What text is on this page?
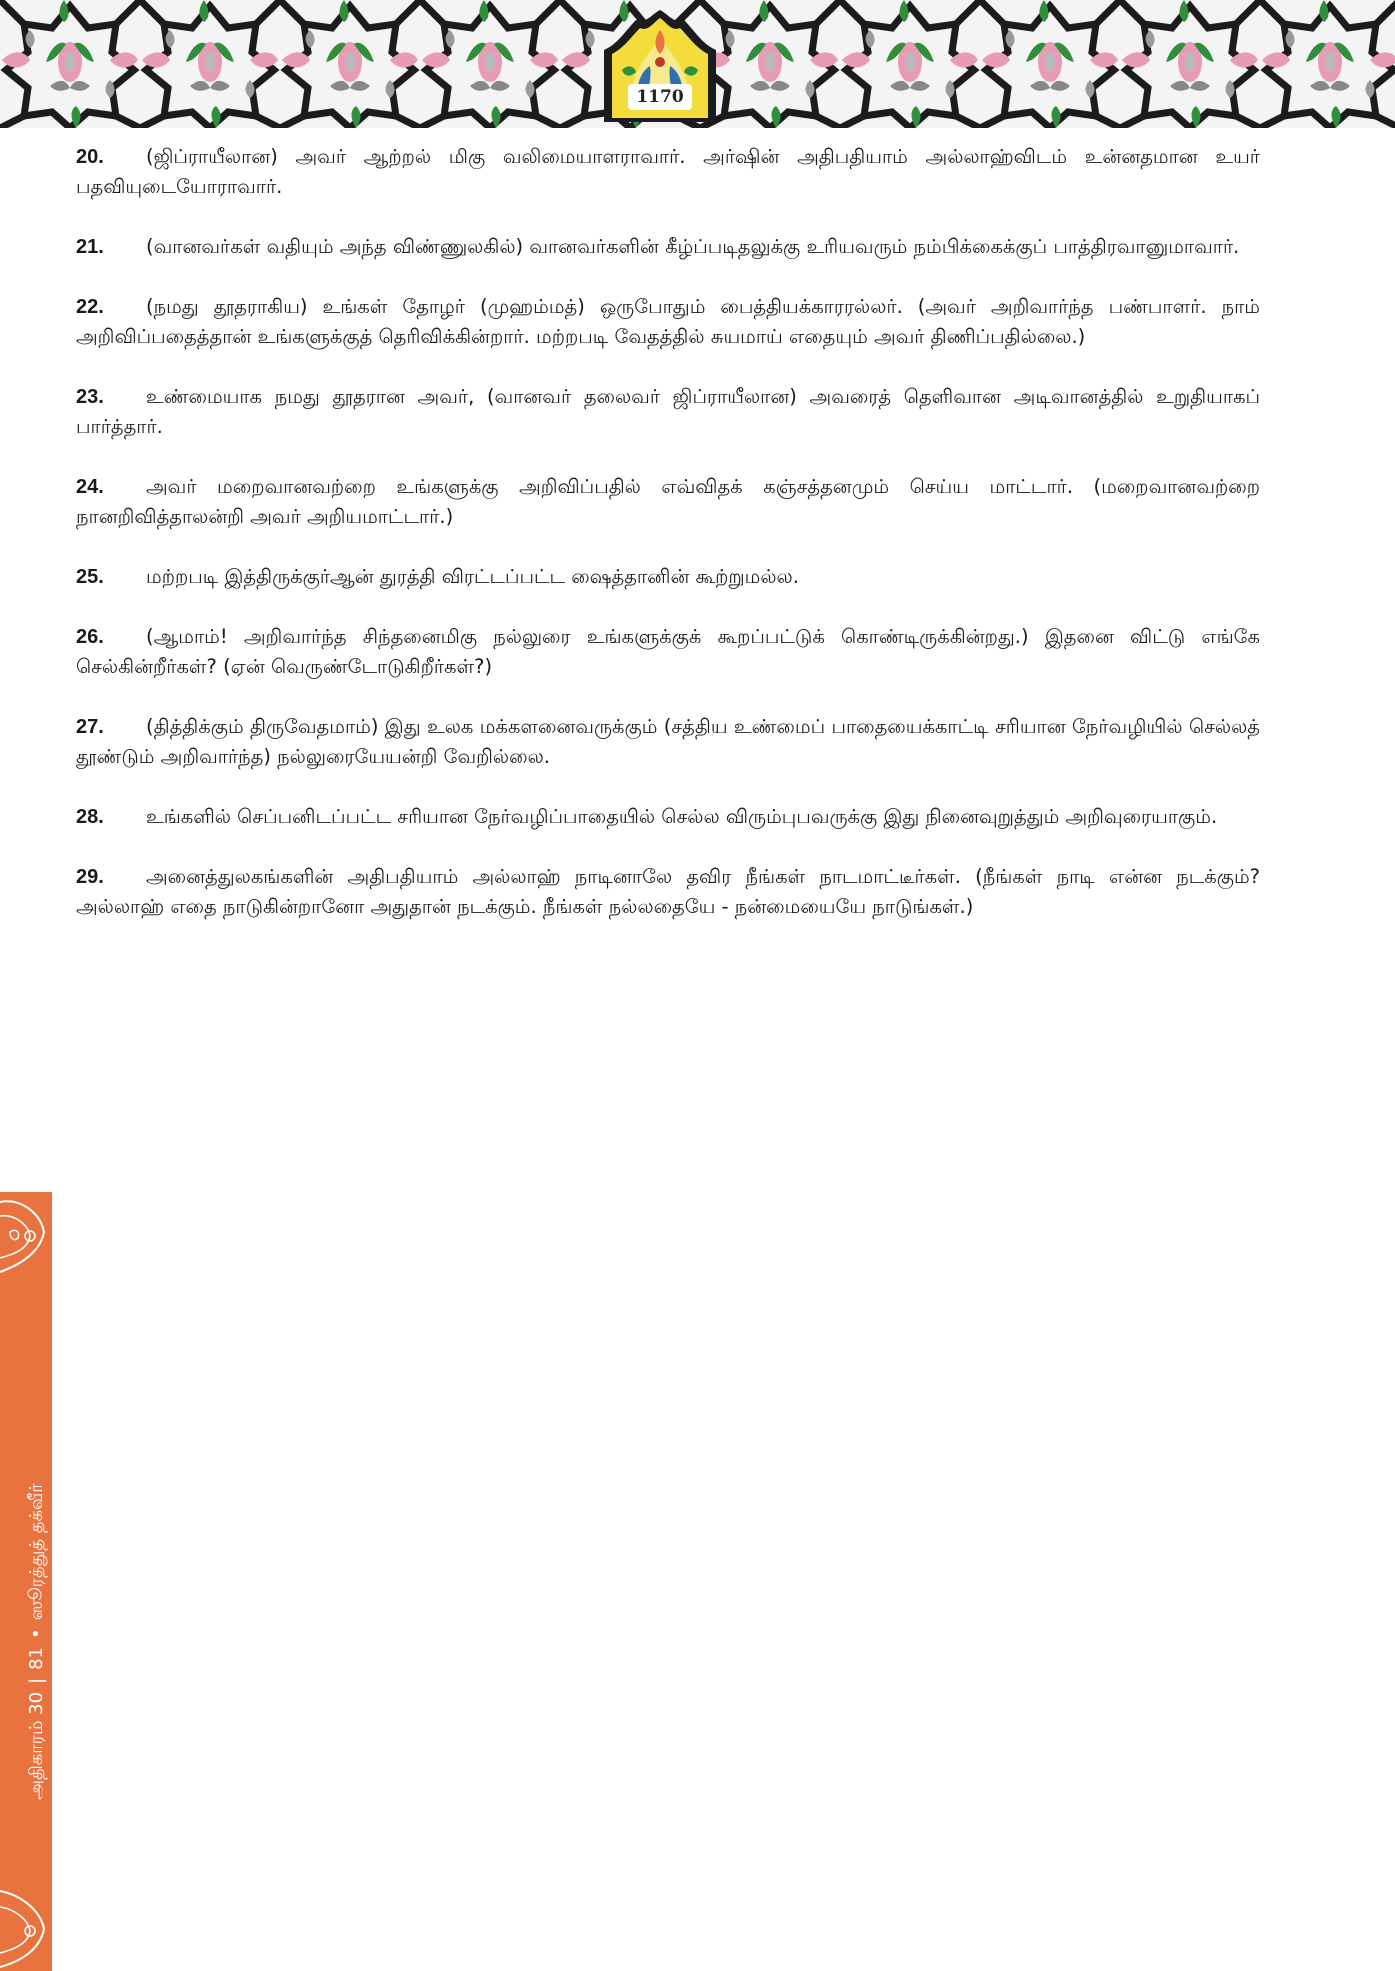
1170

20. (ஜிப்ராயீலான) அவர் ஆற்றல் மிகு வலிமையாளராவார். அர்ஷின் அதிபதியாம் அல்லாஹ்விடம் உன்னதமான உயர் பதவியுடையோராவார்.

21. (வானவர்கள் வதியும் அந்த விண்ணுலகில்) வானவர்களின் கீழ்ப்படிதலுக்கு உரியவரும் நம்பிக்கைக்குப் பாத்திரவானுமாவார்.

22. (நமது தூதராகிய) உங்கள் தோழர் (முஹம்மத்) ஒருபோதும் பைத்தியக்காரரல்லர். (அவர் அறிவார்ந்த பண்பாளர். நாம் அறிவிப்பதைத்தான் உங்களுக்குத் தெரிவிக்கின்றார். மற்றபடி வேதத்தில் சுயமாய் எதையும் அவர் திணிப்பதில்லை.)

23. உண்மையாக நமது தூதரான அவர், (வானவர் தலைவர் ஜிப்ராயீலான) அவரைத் தெளிவான அடிவானத்தில் உறுதியாகப் பார்த்தார்.

24. அவர் மறைவானவற்றை உங்களுக்கு அறிவிப்பதில் எவ்விதக் கஞ்சத்தனமும் செய்ய மாட்டார். (மறைவானவற்றை நானறிவித்தாலன்றி அவர் அறியமாட்டார்.)

25. மற்றபடி இத்திருக்குர்ஆன் துரத்தி விரட்டப்பட்ட ஷைத்தானின் கூற்றுமல்ல.

26. (ஆமாம்! அறிவார்ந்த சிந்தனைமிகு நல்லுரை உங்களுக்குக் கூறப்பட்டுக் கொண்டிருக்கின்றது.) இதனை விட்டு எங்கே செல்கின்றீர்கள்? (ஏன் வெருண்டோடுகிறீர்கள்?)

27. (தித்திக்கும் திருவேதமாம்) இது உலக மக்களனைவருக்கும் (சத்திய உண்மைப் பாதையைக்காட்டி சரியான நேர்வழியில் செல்லத் தூண்டும் அறிவார்ந்த) நல்லுரையேயன்றி வேறில்லை.

28. உங்களில் செப்பனிடப்பட்ட சரியான நேர்வழிப்பாதையில் செல்ல விரும்புபவருக்கு இது நினைவுறுத்தும் அறிவுரையாகும்.

29. அனைத்துலகங்களின் அதிபதியாம் அல்லாஹ் நாடினாலே தவிர நீங்கள் நாடமாட்டீர்கள். (நீங்கள் நாடி என்ன நடக்கும்? அல்லாஹ் எதை நாடுகின்றானோ அதுதான் நடக்கும். நீங்கள் நல்லதையே - நன்மையையே நாடுங்கள்.)

அதிகாரம் 30|81•ஸூரத்துத் தக்வீர்
